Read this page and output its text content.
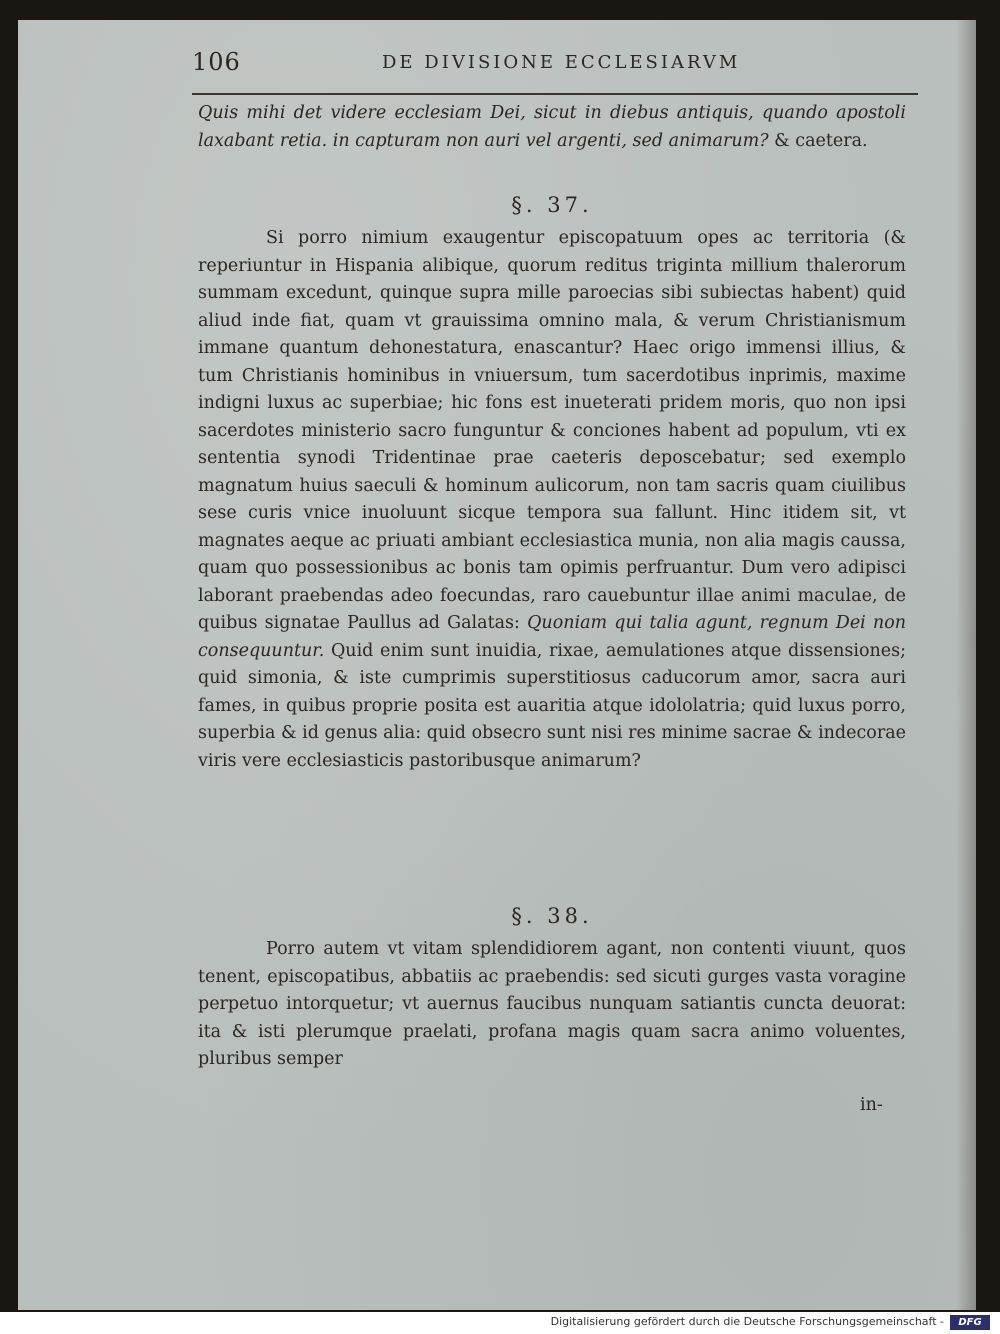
106	DE DIVISIONE ECCLESIARVM

Quis mihi det videre ecclesiam Dei, sicut in diebus antiquis, quando apostoli laxabant retia. in capturam non auri vel argenti, sed animarum? & caetera.

§. 37.

Si porro nimium exaugentur episcopatuum opes ac territoria (& reperiuntur in Hispania alibique, quorum reditus triginta millium thalerorum summam excedunt, quinque supra mille paroecias sibi subiectas habent) quid aliud inde fiat, quam vt grauissima omnino mala, & verum Christianismum immane quantum dehonestatura, enascantur? Haec origo immensi illius, & tum Christianis hominibus in vniuersum, tum sacerdotibus inprimis, maxime indigni luxus ac superbiae; hic fons est inueterati pridem moris, quo non ipsi sacerdotes ministerio sacro funguntur & conciones habent ad populum, vti ex sententia synodi Tridentinae prae caeteris deposcebatur; sed exemplo magnatum huius saeculi & hominum aulicorum, non tam sacris quam ciuilibus sese curis vnice inuoluunt sicque tempora sua fallunt. Hinc itidem sit, vt magnates aeque ac priuati ambiant ecclesiastica munia, non alia magis caussa, quam quo possessionibus ac bonis tam opimis perfruantur. Dum vero adipisci laborant praebendas adeo foecundas, raro cauebuntur illae animi maculae, de quibus signatae Paullus ad Galatas: Quoniam qui talia agunt, regnum Dei non consequuntur. Quid enim sunt inuidia, rixae, aemulationes atque dissensiones; quid simonia, & iste cumprimis superstitiosus caducorum amor, sacra auri fames, in quibus proprie posita est auaritia atque idololatria; quid luxus porro, superbia & id genus alia: quid obsecro sunt nisi res minime sacrae & indecorae viris vere ecclesiasticis pastoribusque animarum?

§. 38.

Porro autem vt vitam splendidiorem agant, non contenti viuunt, quos tenent, episcopatibus, abbatiis ac praebendis: sed sicuti gurges vasta voragine perpetuo intorquetur; vt auernus faucibus nunquam satiantis cuncta deuorat: ita & isti plerumque praelati, profana magis quam sacra animo voluentes, pluribus semper

in-
Digitalisierung gefördert durch die Deutsche Forschungsgemeinschaft -	DFG
